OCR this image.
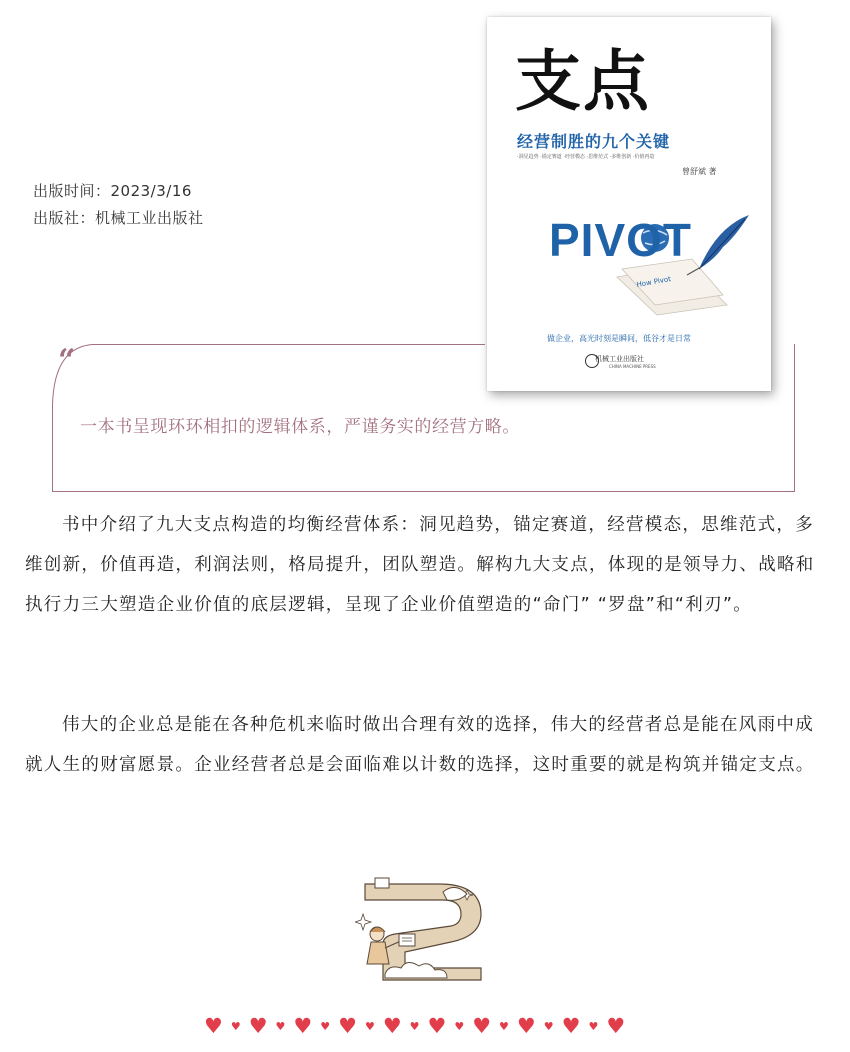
出版时间：2023/3/16
出版社：机械工业出版社
支点
经营制胜的九个关键
·洞见趋势 ·锚定赛道 ·经营模态 ·思维范式 ·多维创新 ·价值再造
曾舒斌 著
How Pivot
PIVOT
做企业，高光时刻是瞬间，低谷才是日常
机械工业出版社
CHINA MACHINE PRESS
“
一本书呈现环环相扣的逻辑体系，严谨务实的经营方略。

书中介绍了九大支点构造的均衡经营体系：洞见趋势，锚定赛道，经营模态，思维范式，多维创新，价值再造，利润法则，格局提升，团队塑造。解构九大支点，体现的是领导力、战略和执行力三大塑造企业价值的底层逻辑，呈现了企业价值塑造的“命门” “罗盘”和“利刃”。

伟大的企业总是能在各种危机来临时做出合理有效的选择，伟大的经营者总是能在风雨中成就人生的财富愿景。企业经营者总是会面临难以计数的选择，这时重要的就是构筑并锚定支点。

♥ ♥ ♥ ♥ ♥ ♥ ♥ ♥ ♥ ♥ ♥ ♥ ♥ ♥ ♥ ♥ ♥ ♥ ♥
